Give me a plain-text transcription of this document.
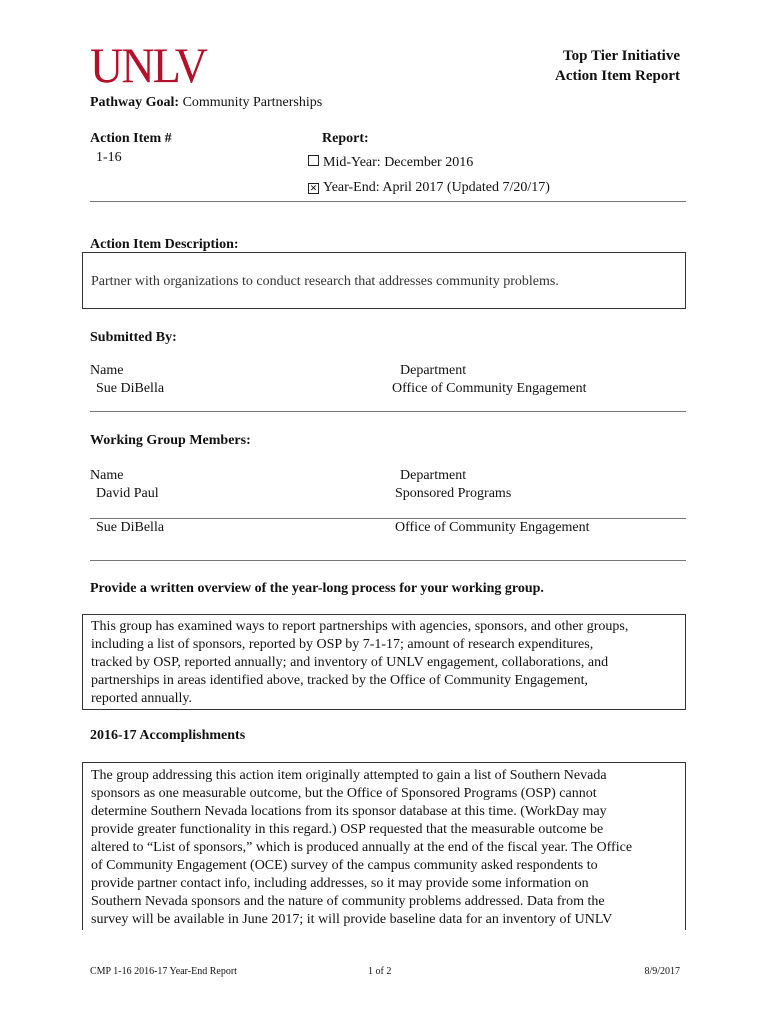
UNLV	Top Tier Initiative
Action Item Report
Pathway Goal: Community Partnerships
Action Item #
1-16
Report:
Mid-Year: December 2016
✕ Year-End: April 2017 (Updated 7/20/17)
Action Item Description:
Partner with organizations to conduct research that addresses community problems.
Submitted By:
Name	Department
Sue DiBella	Office of Community Engagement
Working Group Members:
Name	Department
David Paul	Sponsored Programs
Sue DiBella	Office of Community Engagement
Provide a written overview of the year-long process for your working group.
This group has examined ways to report partnerships with agencies, sponsors, and other groups,
including a list of sponsors, reported by OSP by 7-1-17; amount of research expenditures,
tracked by OSP, reported annually; and inventory of UNLV engagement, collaborations, and
partnerships in areas identified above, tracked by the Office of Community Engagement,
reported annually.
2016-17 Accomplishments
The group addressing this action item originally attempted to gain a list of Southern Nevada
sponsors as one measurable outcome, but the Office of Sponsored Programs (OSP) cannot
determine Southern Nevada locations from its sponsor database at this time. (WorkDay may
provide greater functionality in this regard.) OSP requested that the measurable outcome be
altered to “List of sponsors,” which is produced annually at the end of the fiscal year. The Office
of Community Engagement (OCE) survey of the campus community asked respondents to
provide partner contact info, including addresses, so it may provide some information on
Southern Nevada sponsors and the nature of community problems addressed. Data from the
survey will be available in June 2017; it will provide baseline data for an inventory of UNLV
CMP 1-16 2016-17 Year-End Report	1 of 2	8/9/2017
